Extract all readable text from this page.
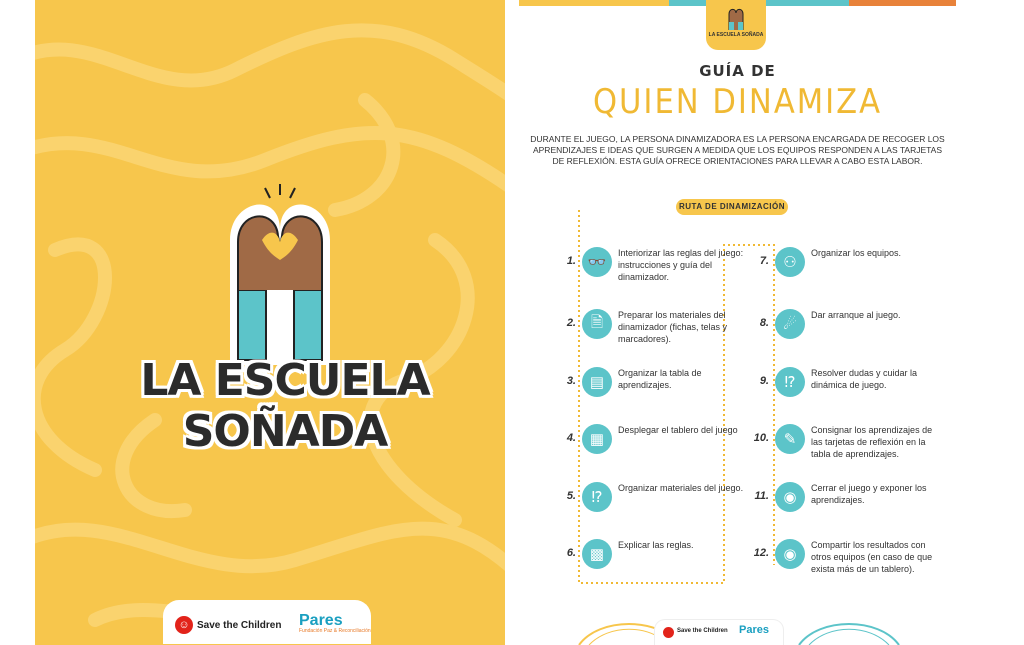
LA ESCUELA SOÑADA
☺ Save the Children Pares
Fundación Paz & Reconciliación
LA ESCUELA SOÑADA
GUÍA DE
QUIEN DINAMIZA
DURANTE EL JUEGO, LA PERSONA DINAMIZADORA ES LA PERSONA ENCARGADA DE RECOGER LOS APRENDIZAJES E IDEAS QUE SURGEN A MEDIDA QUE LOS EQUIPOS RESPONDEN A LAS TARJETAS DE REFLEXIÓN. ESTA GUÍA OFRECE ORIENTACIONES PARA LLEVAR A CABO ESTA LABOR.
RUTA DE DINAMIZACIÓN
1. 👓
Interiorizar las reglas del juego: instrucciones y guía del dinamizador.
2. 🗎	Preparar los materiales del dinamizador (fichas, telas y marcadores).
3. ▤
Organizar la tabla de aprendizajes.
4. ▦
Desplegar el tablero del juego
5.	⁉
Organizar materiales del juego.
6. ▩
Explicar las reglas.
7. ⚇
Organizar los equipos.
8. ☄
Dar arranque al juego.
9.	⁉
Resolver dudas y cuidar la dinámica de juego.
10. ✎
Consignar los aprendizajes de las tarjetas de reflexión en la tabla de aprendizajes.
11. ◉
Cerrar el juego y exponer los aprendizajes.
12. ◉
Compartir los resultados con otros equipos (en caso de que exista más de un tablero).
Save the Children Pares
